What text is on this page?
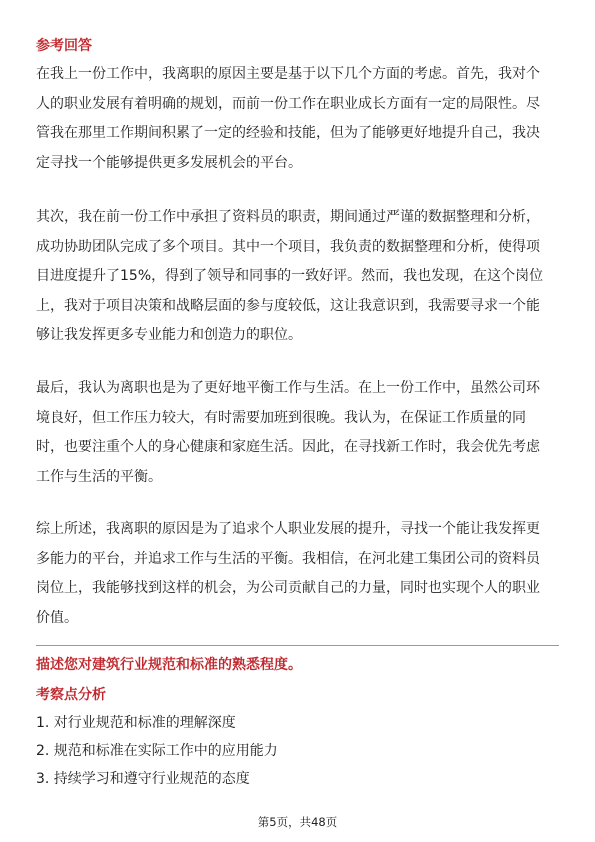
参考回答
在我上一份工作中，我离职的原因主要是基于以下几个方面的考虑。首先，我对个
人的职业发展有着明确的规划，而前一份工作在职业成长方面有一定的局限性。尽
管我在那里工作期间积累了一定的经验和技能，但为了能够更好地提升自己，我决
定寻找一个能够提供更多发展机会的平台。
其次，我在前一份工作中承担了资料员的职责，期间通过严谨的数据整理和分析，
成功协助团队完成了多个项目。其中一个项目，我负责的数据整理和分析，使得项
目进度提升了15%，得到了领导和同事的一致好评。然而，我也发现，在这个岗位
上，我对于项目决策和战略层面的参与度较低，这让我意识到，我需要寻求一个能
够让我发挥更多专业能力和创造力的职位。
最后，我认为离职也是为了更好地平衡工作与生活。在上一份工作中，虽然公司环
境良好，但工作压力较大，有时需要加班到很晚。我认为，在保证工作质量的同
时，也要注重个人的身心健康和家庭生活。因此，在寻找新工作时，我会优先考虑
工作与生活的平衡。
综上所述，我离职的原因是为了追求个人职业发展的提升，寻找一个能让我发挥更
多能力的平台，并追求工作与生活的平衡。我相信，在河北建工集团公司的资料员
岗位上，我能够找到这样的机会，为公司贡献自己的力量，同时也实现个人的职业
价值。
描述您对建筑行业规范和标准的熟悉程度。
考察点分析
1. 对行业规范和标准的理解深度
2. 规范和标准在实际工作中的应用能力
3. 持续学习和遵守行业规范的态度
第5页，共48页
